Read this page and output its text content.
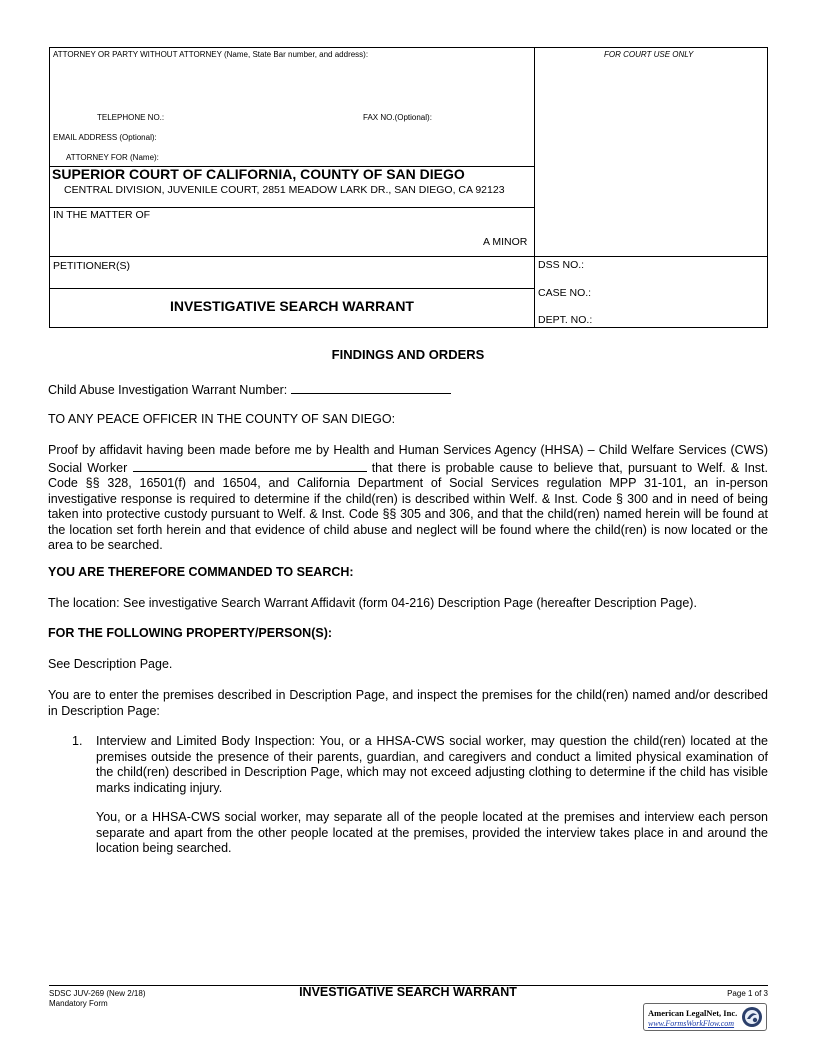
ATTORNEY OR PARTY WITHOUT ATTORNEY (Name, State Bar number, and address):	FOR COURT USE ONLY
TELEPHONE NO.:	FAX NO.(Optional):
EMAIL ADDRESS (Optional):
ATTORNEY FOR (Name):
SUPERIOR COURT OF CALIFORNIA, COUNTY OF SAN DIEGO
CENTRAL DIVISION, JUVENILE COURT, 2851 MEADOW LARK DR., SAN DIEGO, CA 92123
IN THE MATTER OF
A MINOR
PETITIONER(S)
INVESTIGATIVE SEARCH WARRANT
DSS NO.:
CASE NO.:
DEPT. NO.:
FINDINGS AND ORDERS
Child Abuse Investigation Warrant Number:
TO ANY PEACE OFFICER IN THE COUNTY OF SAN DIEGO:
Proof by affidavit having been made before me by Health and Human Services Agency (HHSA) – Child Welfare Services (CWS) Social Worker	that there is probable cause to believe that, pursuant to Welf. & Inst. Code §§ 328, 16501(f) and 16504, and California Department of Social Services regulation MPP 31-101, an in-person investigative response is required to determine if the child(ren) is described within Welf. & Inst. Code § 300 and in need of being taken into protective custody pursuant to Welf. & Inst. Code §§ 305 and 306, and that the child(ren) named herein will be found at the location set forth herein and that evidence of child abuse and neglect will be found where the child(ren) is now located or the area to be searched.
YOU ARE THEREFORE COMMANDED TO SEARCH:
The location: See investigative Search Warrant Affidavit (form 04-216) Description Page (hereafter Description Page).
FOR THE FOLLOWING PROPERTY/PERSON(S):
See Description Page.
You are to enter the premises described in Description Page, and inspect the premises for the child(ren) named and/or described in Description Page:
1. Interview and Limited Body Inspection: You, or a HHSA-CWS social worker, may question the child(ren) located at the premises outside the presence of their parents, guardian, and caregivers and conduct a limited physical examination of the child(ren) described in Description Page, which may not exceed adjusting clothing to determine if the child has visible marks indicating injury.
You, or a HHSA-CWS social worker, may separate all of the people located at the premises and interview each person separate and apart from the other people located at the premises, provided the interview takes place in and around the location being searched.
SDSC JUV-269 (New 2/18)
Mandatory Form
INVESTIGATIVE SEARCH WARRANT	Page 1 of 3
American LegalNet, Inc.
www.FormsWorkFlow.com
